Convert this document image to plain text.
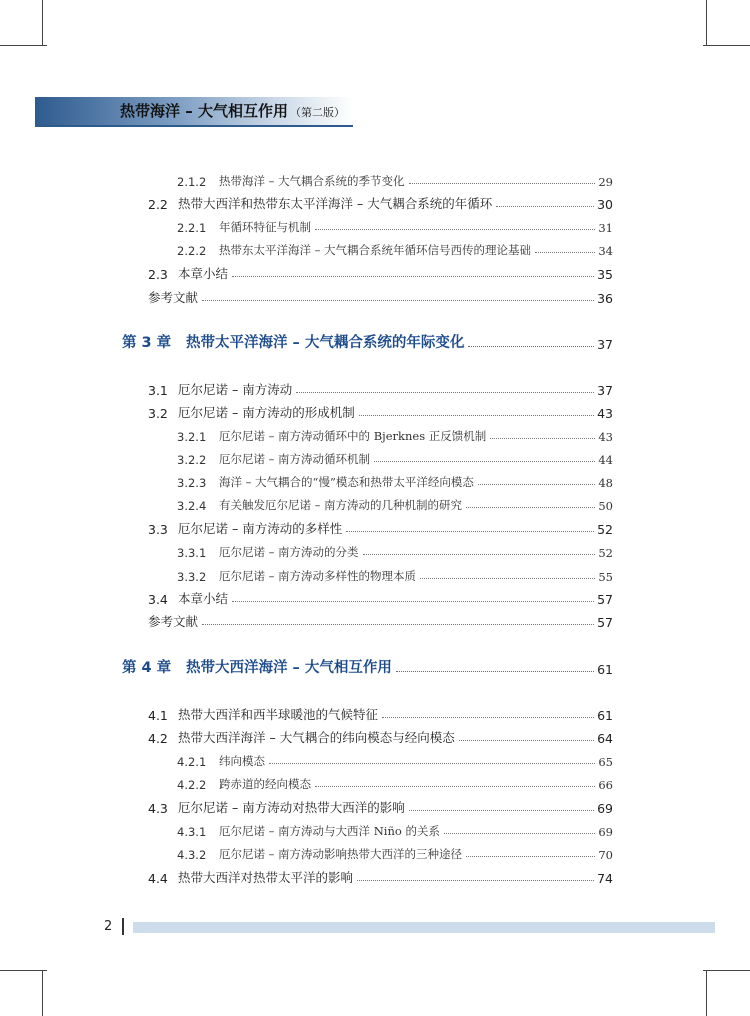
热带海洋 – 大气相互作用 （第二版）
2.1.2	热带海洋 – 大气耦合系统的季节变化	29
2.2 热带大西洋和热带东太平洋海洋 – 大气耦合系统的年循环	30
2.2.1	年循环特征与机制	31
2.2.2	热带东太平洋海洋 – 大气耦合系统年循环信号西传的理论基础	34
2.3 本章小结	35
参考文献	36
第 3 章	热带太平洋海洋 – 大气耦合系统的年际变化	37
3.1 厄尔尼诺 – 南方涛动	37
3.2 厄尔尼诺 – 南方涛动的形成机制	43
3.2.1	厄尔尼诺 – 南方涛动循环中的 Bjerknes 正反馈机制	43
3.2.2	厄尔尼诺 – 南方涛动循环机制	44
3.2.3	海洋 – 大气耦合的“慢”模态和热带太平洋经向模态	48
3.2.4	有关触发厄尔尼诺 – 南方涛动的几种机制的研究	50
3.3 厄尔尼诺 – 南方涛动的多样性	52
3.3.1	厄尔尼诺 – 南方涛动的分类	52
3.3.2	厄尔尼诺 – 南方涛动多样性的物理本质	55
3.4 本章小结	57
参考文献	57
第 4 章	热带大西洋海洋 – 大气相互作用	61
4.1 热带大西洋和西半球暖池的气候特征	61
4.2 热带大西洋海洋 – 大气耦合的纬向模态与经向模态	64
4.2.1	纬向模态	65
4.2.2	跨赤道的经向模态	66
4.3 厄尔尼诺 – 南方涛动对热带大西洋的影响	69
4.3.1	厄尔尼诺 – 南方涛动与大西洋 Niño 的关系	69
4.3.2	厄尔尼诺 – 南方涛动影响热带大西洋的三种途径	70
4.4 热带大西洋对热带太平洋的影响	74
2
